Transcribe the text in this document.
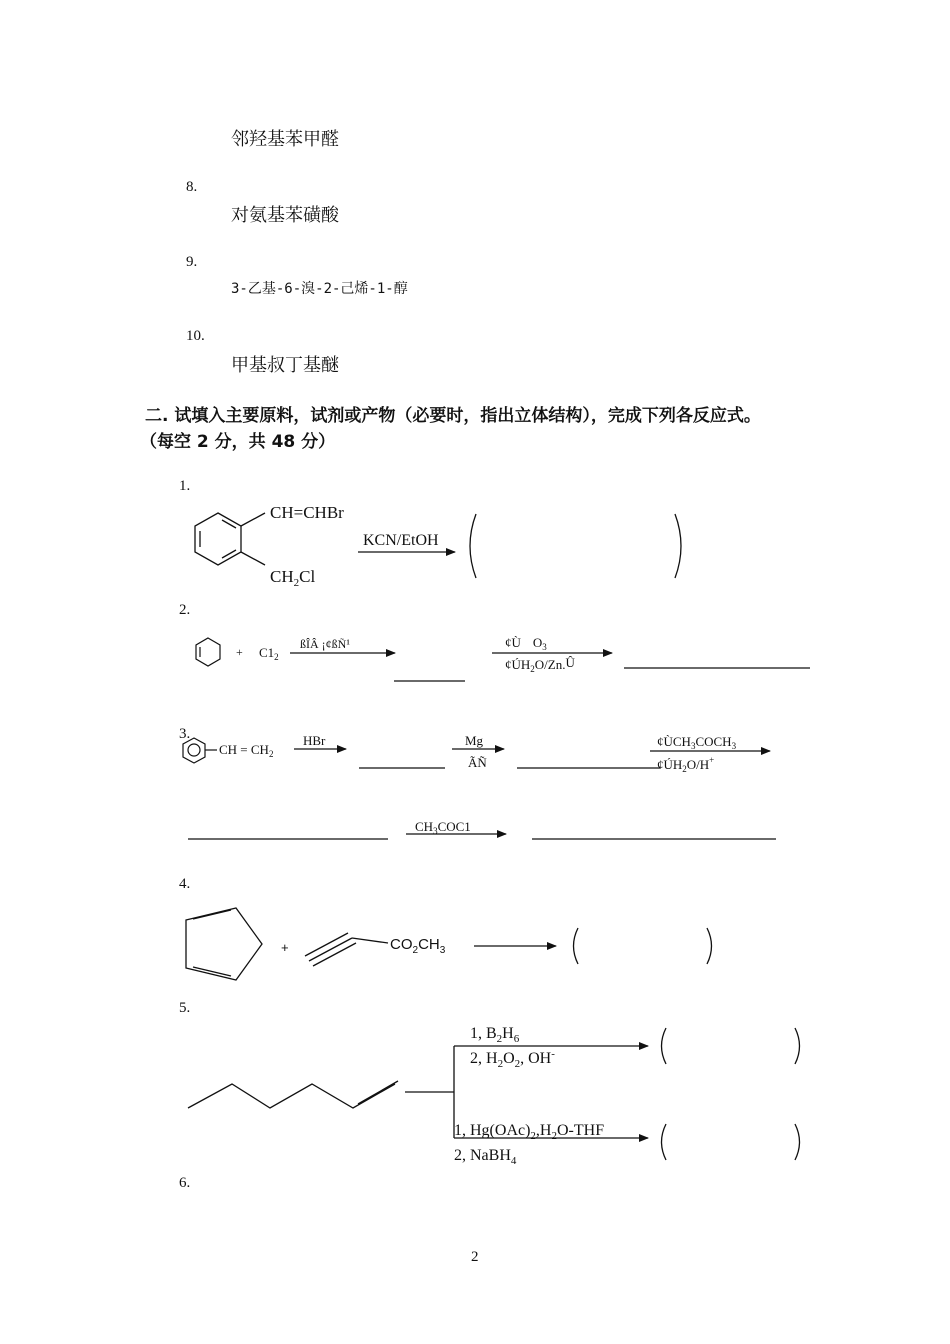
邻羟基苯甲醛
8.
对氨基苯磺酸
9.
3-乙基-6-溴-2-己烯-1-醇
10.
甲基叔丁基醚
二. 试填入主要原料，试剂或产物（必要时，指出立体结构），完成下列各反应式。
（每空 2 分，共 48 分）
1.
2.
3.
4.
5.
6.
2
CH=CHBr
$CH_2Cl$
KCN/EtOH
+ $C1_2$
ßÎÂ ¡¢ßÑ¹	¢Ù $O_3$
$¢ÚH_2O/Zn.Û$
CH = $CH_2$
HBr	Mg
ÃÑ
$¢ÙCH_3COCH_3$
$¢ÚH_2O/H^+$
$CH_3COC1$
+	$CO_2CH_3$
1, $B_2H_6$
2, $H_2O_2$, OH-
1, $Hg(OAc)_2,H_2O$-THF
2, NaBH$_4$
